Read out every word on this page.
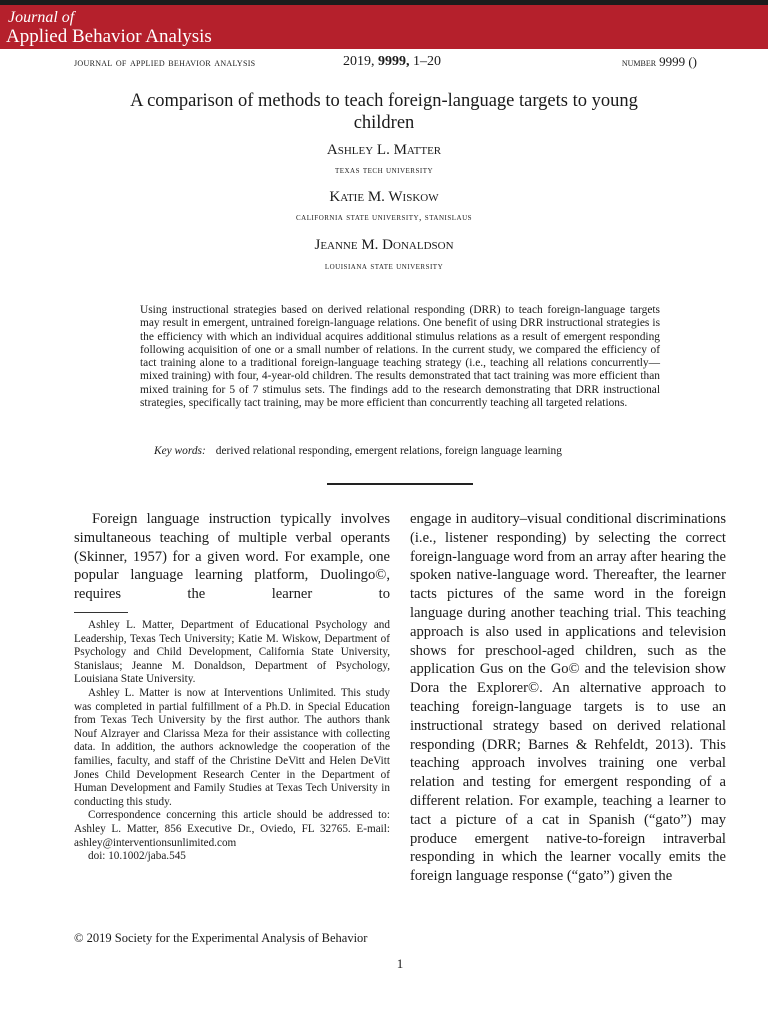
Journal of
Applied Behavior Analysis
journal of applied behavior analysis	2019, 9999, 1–20	number 9999 ()
A comparison of methods to teach foreign-language targets to young children
Ashley L. Matter
texas tech university
Katie M. Wiskow
california state university, stanislaus
Jeanne M. Donaldson
louisiana state university
Using instructional strategies based on derived relational responding (DRR) to teach foreign-language targets may result in emergent, untrained foreign-language relations. One benefit of using DRR instructional strategies is the efficiency with which an individual acquires additional stimulus relations as a result of emergent responding following acquisition of one or a small number of relations. In the current study, we compared the efficiency of tact training alone to a traditional foreign-language teaching strategy (i.e., teaching all relations concurrently—mixed training) with four, 4-year-old children. The results demonstrated that tact training was more efficient than mixed training for 5 of 7 stimulus sets. The findings add to the research demonstrating that DRR instructional strategies, specifically tact training, may be more efficient than concurrently teaching all targeted relations.
Key words: derived relational responding, emergent relations, foreign language learning
Foreign language instruction typically involves simultaneous teaching of multiple verbal operants (Skinner, 1957) for a given word. For example, one popular language learning platform, Duolingo©, requires the learner to

Ashley L. Matter, Department of Educational Psychology and Leadership, Texas Tech University; Katie M. Wiskow, Department of Psychology and Child Development, California State University, Stanislaus; Jeanne M. Donaldson, Department of Psychology, Louisiana State University.

Ashley L. Matter is now at Interventions Unlimited. This study was completed in partial fulfillment of a Ph.D. in Special Education from Texas Tech University by the first author. The authors thank Nouf Alzrayer and Clarissa Meza for their assistance with collecting data. In addition, the authors acknowledge the cooperation of the families, faculty, and staff of the Christine DeVitt and Helen DeVitt Jones Child Development Research Center in the Department of Human Development and Family Studies at Texas Tech University in conducting this study.

Correspondence concerning this article should be addressed to: Ashley L. Matter, 856 Executive Dr., Oviedo, FL 32765. E-mail: ashley@interventionsunlimited.com

doi: 10.1002/jaba.545

engage in auditory–visual conditional discriminations (i.e., listener responding) by selecting the correct foreign-language word from an array after hearing the spoken native-language word. Thereafter, the learner tacts pictures of the same word in the foreign language during another teaching trial. This teaching approach is also used in applications and television shows for preschool-aged children, such as the application Gus on the Go© and the television show Dora the Explorer©. An alternative approach to teaching foreign-language targets is to use an instructional strategy based on derived relational responding (DRR; Barnes & Rehfeldt, 2013). This teaching approach involves training one verbal relation and testing for emergent responding of a different relation. For example, teaching a learner to tact a picture of a cat in Spanish (“gato”) may produce emergent native-to-foreign intraverbal responding in which the learner vocally emits the foreign language response (“gato”) given the
© 2019 Society for the Experimental Analysis of Behavior
1
